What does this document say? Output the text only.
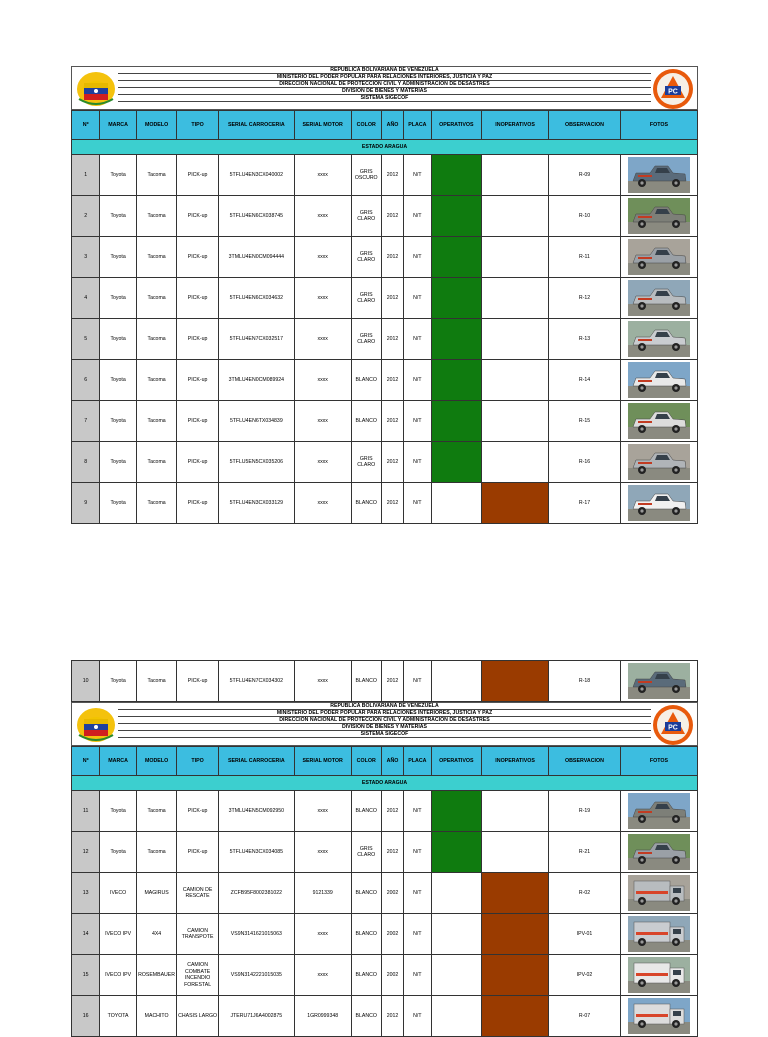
REPUBLICA BOLIVARIANA DE VENEZUELA
MINISTERIO DEL PODER POPULAR PARA RELACIONES INTERIORES, JUSTICIA Y PAZ
DIRECCION NACIONAL DE PROTECCION CIVIL Y ADMINISTRACION DE DESASTRES
DIVISION DE BIENES Y MATERIAS
SISTEMA SIGECOF
PC
Nº	MARCA	MODELO	TIPO	SERIAL CARROCERIA	SERIAL MOTOR	COLOR	AÑO	PLACA	OPERATIVOS	INOPERATIVOS	OBSERVACION	FOTOS
ESTADO ARAGUA												

1	Toyota	Tacoma	PICK-up	5TFLU4EN3CX040002	xxxx	GRIS OSCURO	2012	N/T			R-09	

2	Toyota	Tacoma	PICK-up	5TFLU4EN6CX038745	xxxx	GRIS CLARO	2012	N/T			R-10	

3	Toyota	Tacoma	PICK-up	3TMLU4EN0CM094444	xxxx	GRIS CLARO	2012	N/T			R-11	

4	Toyota	Tacoma	PICK-up	5TFLU4EN6CX034632	xxxx	GRIS CLARO	2012	N/T			R-12	

5	Toyota	Tacoma	PICK-up	5TFLU4EN7CX032517	xxxx	GRIS CLARO	2012	N/T			R-13	

6	Toyota	Tacoma	PICK-up	3TMLU4EN0CM089924	xxxx	BLANCO	2012	N/T			R-14	

7	Toyota	Tacoma	PICK-up	5TFLU4EN6TX034839	xxxx	BLANCO	2012	N/T			R-15	

8	Toyota	Tacoma	PICK-up	5TFLU5EN5CX035206	xxxx	GRIS CLARO	2012	N/T			R-16	

9	Toyota	Tacoma	PICK-up	5TFLU4EN3CX033129	xxxx	BLANCO	2012	N/T			R-17	
10	Toyota	Tacoma	PICK-up	5TFLU4EN7CX034302	xxxx	BLANCO	2012	N/T			R-18	
REPUBLICA BOLIVARIANA DE VENEZUELA
MINISTERIO DEL PODER POPULAR PARA RELACIONES INTERIORES, JUSTICIA Y PAZ
DIRECCION NACIONAL DE PROTECCION CIVIL Y ADMINISTRACION DE DESASTRES
DIVISION DE BIENES Y MATERIAS
SISTEMA SIGECOF
PC
Nº	MARCA	MODELO	TIPO	SERIAL CARROCERIA	SERIAL MOTOR	COLOR	AÑO	PLACA	OPERATIVOS	INOPERATIVOS	OBSERVACION	FOTOS
ESTADO ARAGUA												

11	Toyota	Tacoma	PICK-up	3TMLU4EN5CM092950	xxxx	BLANCO	2012	N/T			R-19	

12	Toyota	Tacoma	PICK-up	5TFLU4EN3CX034085	xxxx	GRIS CLARO	2012	N/T			R-21	

13	IVECO	MAGIRUS	CAMION DE RESCATE	ZCFB95F8002381022	9121339	BLANCO	2002	N/T			R-02	

14	IVECO IPV	4X4	CAMION TRANSPOTE	VS9N3141621015063	xxxx	BLANCO	2002	N/T			IPV-01	

15	IVECO IPV	ROSEMBAUER	CAMION COMBATE INCENDIO FORESTAL	VS9N3142221015035	xxxx	BLANCO	2002	N/T			IPV-02	

16	TOYOTA	MACHITO	CHASIS LARGO	JTERU71J6A4002875	1GR0999348	BLANCO	2012	N/T			R-07	
